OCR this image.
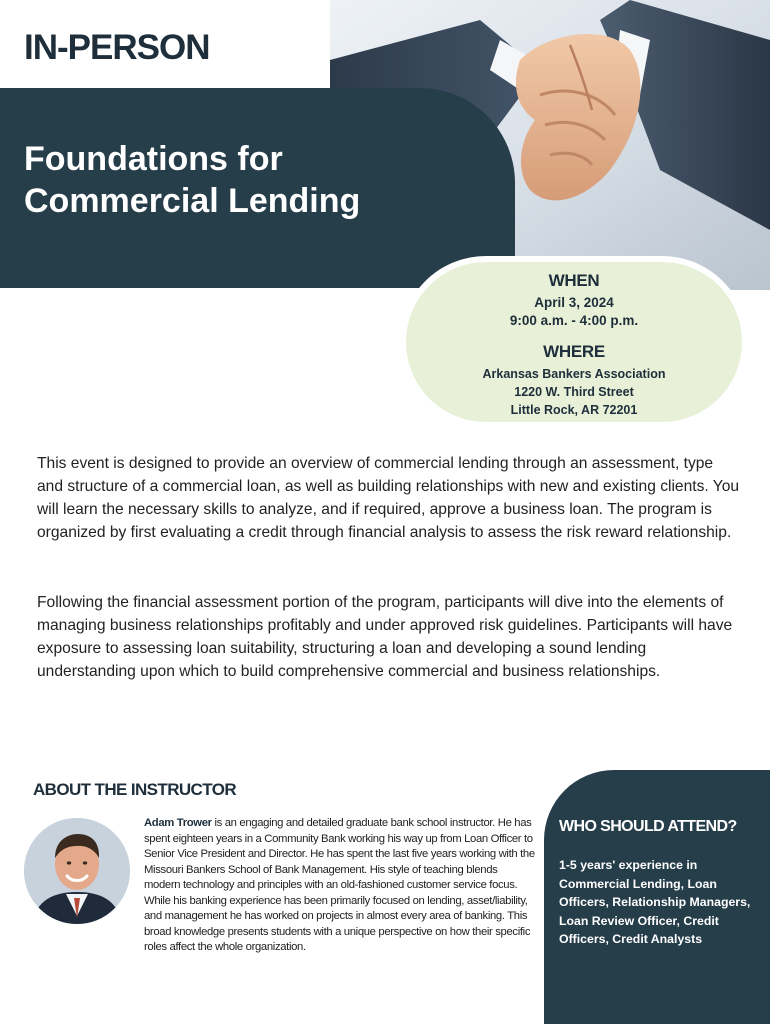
IN-PERSON
Foundations for
Commercial Lending
WHEN
April 3, 2024
9:00 a.m. - 4:00 p.m.
WHERE
Arkansas Bankers Association
1220 W. Third Street
Little Rock, AR 72201

This event is designed to provide an overview of commercial lending through an assessment, type and structure of a commercial loan, as well as building relationships with new and existing clients. You will learn the necessary skills to analyze, and if required, approve a business loan. The program is organized by first evaluating a credit through financial analysis to assess the risk reward relationship.

Following the financial assessment portion of the program, participants will dive into the elements of managing business relationships profitably and under approved risk guidelines. Participants will have exposure to assessing loan suitability, structuring a loan and developing a sound lending understanding upon which to build comprehensive commercial and business relationships.

ABOUT THE INSTRUCTOR

Adam Trower is an engaging and detailed graduate bank school instructor. He has spent eighteen years in a Community Bank working his way up from Loan Officer to Senior Vice President and Director. He has spent the last five years working with the Missouri Bankers School of Bank Management. His style of teaching blends modern technology and principles with an old-fashioned customer service focus. While his banking experience has been primarily focused on lending, asset/liability, and management he has worked on projects in almost every area of banking. This broad knowledge presents students with a unique perspective on how their specific roles affect the whole organization.

WHO SHOULD ATTEND?

1-5 years' experience in Commercial Lending, Loan Officers, Relationship Managers, Loan Review Officer, Credit Officers, Credit Analysts
